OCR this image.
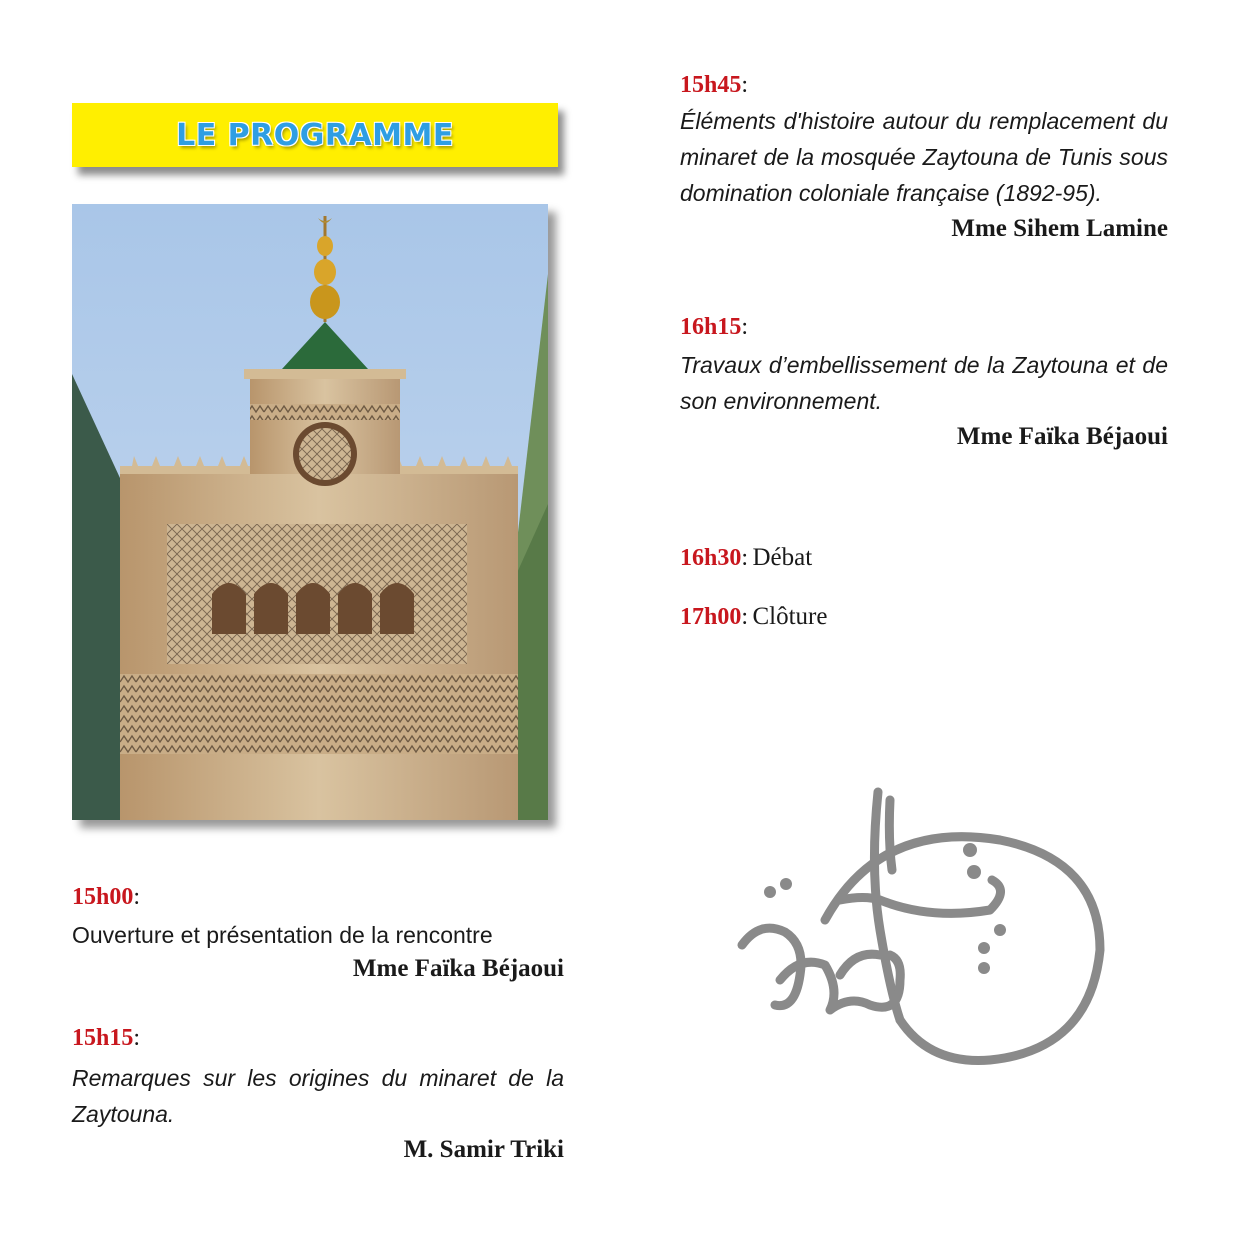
LE PROGRAMME
15h00:

Ouverture et présentation de la rencontre

Mme Faïka Béjaoui
15h15:

Remarques sur les origines du minaret de la Zaytouna.

M. Samir Triki
15h45:

Éléments d'histoire autour du remplacement du minaret de la mosquée Zaytouna de Tunis sous domination coloniale française (1892-95).

Mme Sihem Lamine
16h15:

Travaux d’embellissement de la Zaytouna et de son environnement.

Mme Faïka Béjaoui
16h30: Débat
17h00: Clôture
